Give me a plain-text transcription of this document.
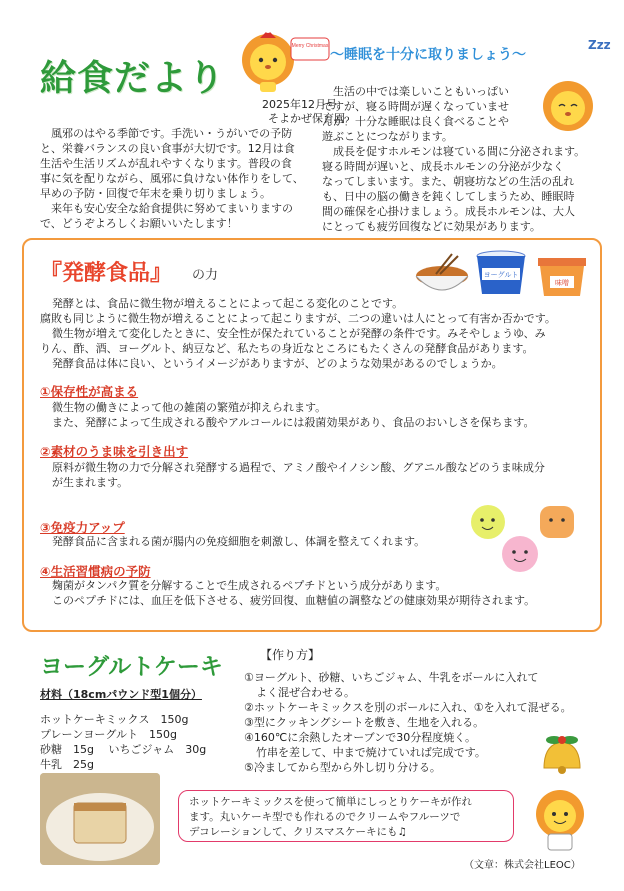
給食だより
Merry Christmas
2025年12月号
そよかぜ保育園
～睡眠を十分に取りましょう～
Zzz
風邪のはやる季節です。手洗い・うがいでの予防
と、栄養バランスの良い食事が大切です。12月は食
生活や生活リズムが乱れやすくなります。普段の食
事に気を配りながら、風邪に負けない体作りをして、
早めの予防・回復で年末を乗り切りましょう。
来年も安心安全な給食提供に努めてまいりますの
で、どうぞよろしくお願いいたします！
生活の中では楽しいこともいっぱい
ですが、寝る時間が遅くなっていませ
んか？十分な睡眠は良く食べることや
遊ぶことにつながります。
成長を促すホルモンは寝ている間に分泌されます。
寝る時間が遅いと、成長ホルモンの分泌が少なく
なってしまいます。また、朝寝坊などの生活の乱れ
も、日中の脳の働きを鈍くしてしまうため、睡眠時
間の確保を心掛けましょう。成長ホルモンは、大人
にとっても疲労回復などに効果があります。
『発酵食品』 の力	ヨーグルト
味噌
発酵とは、食品に微生物が増えることによって起こる変化のことです。
腐敗も同じように微生物が増えることによって起こりますが、二つの違いは人にとって有害か否かです。
微生物が増えて変化したときに、安全性が保たれていることが発酵の条件です。みそやしょうゆ、み
りん、酢、酒、ヨーグルト、納豆など、私たちの身近なところにもたくさんの発酵食品があります。
発酵食品は体に良い、というイメージがありますが、どのような効果があるのでしょうか。
①保存性が高まる
微生物の働きによって他の雑菌の繁殖が抑えられます。
また、発酵によって生成される酸やアルコールには殺菌効果があり、食品のおいしさを保ちます。
②素材のうま味を引き出す
原料が微生物の力で分解され発酵する過程で、アミノ酸やイノシン酸、グアニル酸などのうま味成分
が生まれます。
③免疫力アップ
発酵食品に含まれる菌が腸内の免疫細胞を刺激し、体調を整えてくれます。
④生活習慣病の予防
麹菌がタンパク質を分解することで生成されるペプチドという成分があります。
このペプチドには、血圧を低下させる、疲労回復、血糖値の調整などの健康効果が期待されます。
ヨーグルトケーキ
材料（18cmパウンド型1個分）
ホットケーキミックス　150g
プレーンヨーグルト　150g
砂糖　15g　 いちごジャム　30g
牛乳　25g
【作り方】
①ヨーグルト、砂糖、いちごジャム、牛乳をボールに入れて
よく混ぜ合わせる。
②ホットケーキミックスを別のボールに入れ、①を入れて混ぜる。
③型にクッキングシートを敷き、生地を入れる。
④160℃に余熱したオーブンで30分程度焼く。
竹串を差して、中まで焼けていれば完成です。
⑤冷ましてから型から外し切り分ける。
ホットケーキミックスを使って簡単にしっとりケーキが作れ
ます。丸いケーキ型でも作れるのでクリームやフルーツで
デコレーションして、クリスマスケーキにも♫
（文章：株式会社LEOC）
